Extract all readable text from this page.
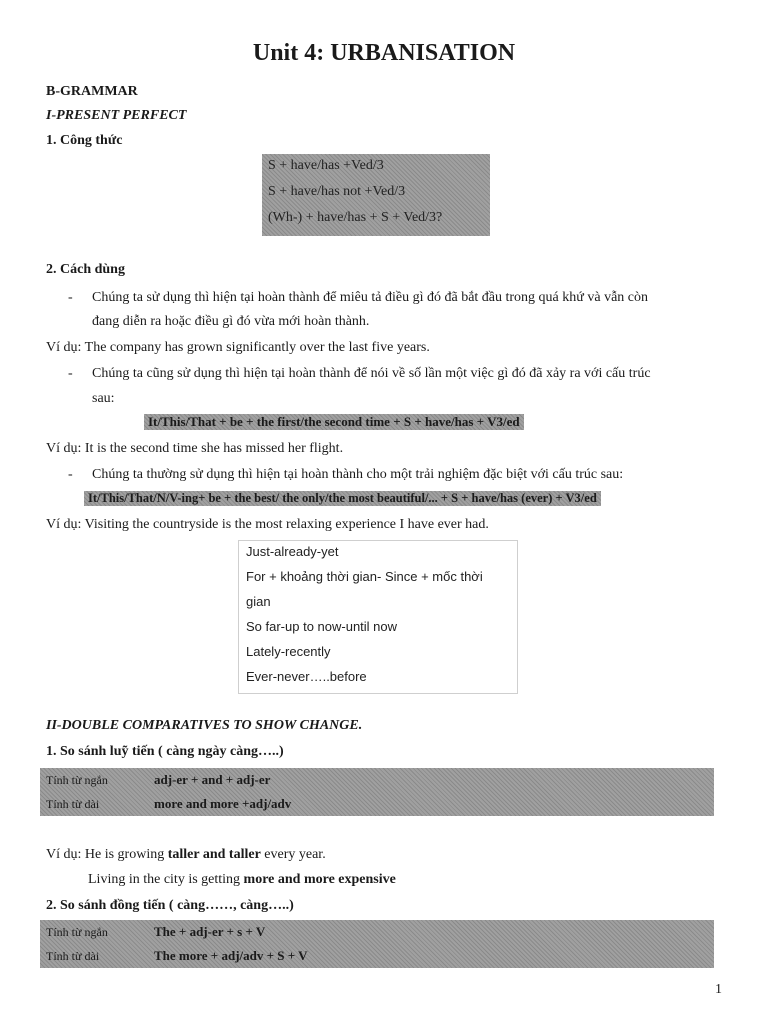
Unit 4: URBANISATION
B-GRAMMAR
I-PRESENT PERFECT
1. Công thức
S + have/has +Ved/3
S + have/has not +Ved/3
(Wh-) + have/has + S + Ved/3?
2. Cách dùng
- Chúng ta sử dụng thì hiện tại hoàn thành để miêu tả điều gì đó đã bắt đầu trong quá khứ và vẫn còn
đang diễn ra hoặc điều gì đó vừa mới hoàn thành.
Ví dụ: The company has grown significantly over the last five years.
- Chúng ta cũng sử dụng thì hiện tại hoàn thành để nói về số lần một việc gì đó đã xảy ra với cấu trúc
sau:
It/This/That + be + the first/the second time + S + have/has + V3/ed
Ví dụ: It is the second time she has missed her flight.
- Chúng ta thường sử dụng thì hiện tại hoàn thành cho một trải nghiệm đặc biệt với cấu trúc sau:
It/This/That/N/V-ing+ be + the best/ the only/the most beautiful/... + S + have/has (ever) + V3/ed
Ví dụ: Visiting the countryside is the most relaxing experience I have ever had.
Just-already-yet
For + khoảng thời gian- Since + mốc thời
gian
So far-up to now-until now
Lately-recently
Ever-never…..before
II-DOUBLE COMPARATIVES TO SHOW CHANGE.
1. So sánh luỹ tiến ( càng ngày càng…..)
Tính từ ngắn	adj-er + and + adj-er
Tính từ dài	more and more +adj/adv
Ví dụ: He is growing taller and taller every year.
Living in the city is getting more and more expensive
2. So sánh đồng tiến ( càng……, càng…..)
Tính từ ngắn	The + adj-er + s + V
Tính từ dài	The more + adj/adv + S + V
1
